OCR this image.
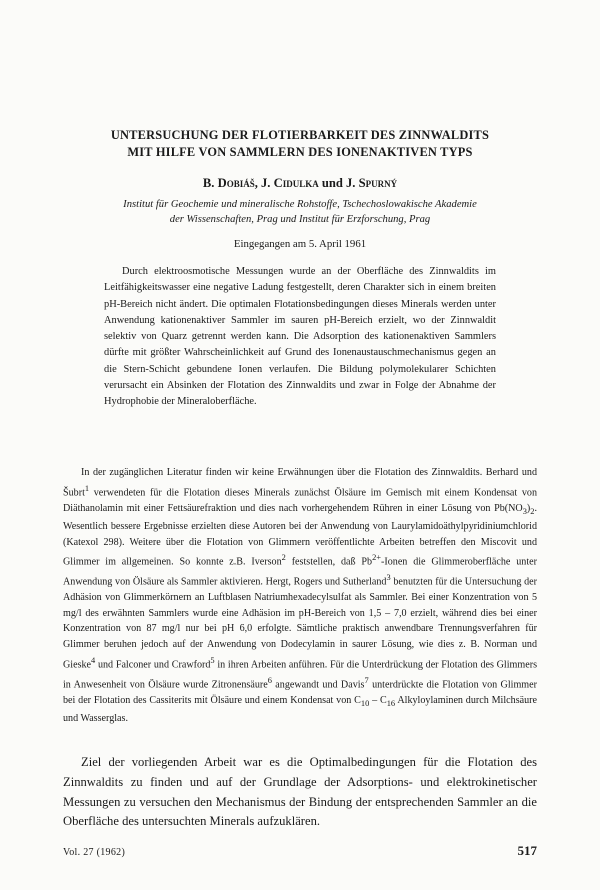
UNTERSUCHUNG DER FLOTIERBARKEIT DES ZINNWALDITS
MIT HILFE VON SAMMLERN DES IONENAKTIVEN TYPS

B. Dobiáš, J. Cidulka und J. Spurný

Institut für Geochemie und mineralische Rohstoffe, Tschechoslowakische Akademie
der Wissenschaften, Prag und Institut für Erzforschung, Prag
Eingegangen am 5. April 1961

Durch elektroosmotische Messungen wurde an der Oberfläche des Zinnwaldits im Leitfähigkeitswasser eine negative Ladung festgestellt, deren Charakter sich in einem breiten pH-Bereich nicht ändert. Die optimalen Flotationsbedingungen dieses Minerals werden unter Anwendung kationenaktiver Sammler im sauren pH-Bereich erzielt, wo der Zinnwaldit selektiv von Quarz getrennt werden kann. Die Adsorption des kationenaktiven Sammlers dürfte mit größter Wahrscheinlichkeit auf Grund des Ionenaustauschmechanismus gegen an die Stern-Schicht gebundene Ionen verlaufen. Die Bildung polymolekularer Schichten verursacht ein Absinken der Flotation des Zinnwaldits und zwar in Folge der Abnahme der Hydrophobie der Mineraloberfläche.

In der zugänglichen Literatur finden wir keine Erwähnungen über die Flotation des Zinnwaldits. Berhard und Šubrt$^1$ verwendeten für die Flotation dieses Minerals zunächst Ölsäure im Gemisch mit einem Kondensat von Diäthanolamin mit einer Fettsäurefraktion und dies nach vorhergehendem Rühren in einer Lösung von $Pb(NO_3)_2$. Wesentlich bessere Ergebnisse erzielten diese Autoren bei der Anwendung von Laurylamidoäthylpyridiniumchlorid (Katexol 298). Weitere über die Flotation von Glimmern veröffentlichte Arbeiten betreffen den Miscovit und Glimmer im allgemeinen. So konnte z.B. Iverson$^2$ feststellen, daß $Pb^{2+}$-Ionen die Glimmeroberfläche unter Anwendung von Ölsäure als Sammler aktivieren. Hergt, Rogers und Sutherland$^3$ benutzten für die Untersuchung der Adhäsion von Glimmerkörnern an Luftblasen Natriumhexadecylsulfat als Sammler. Bei einer Konzentration von 5 mg/l des erwähnten Sammlers wurde eine Adhäsion im pH-Bereich von 1,5 – 7,0 erzielt, während dies bei einer Konzentration von 87 mg/l nur bei pH 6,0 erfolgte. Sämtliche praktisch anwendbare Trennungsverfahren für Glimmer beruhen jedoch auf der Anwendung von Dodecylamin in saurer Lösung, wie dies z. B. Norman und Gieske$^4$ und Falconer und Crawford$^5$ in ihren Arbeiten anführen. Für die Unterdrückung der Flotation des Glimmers in Anwesenheit von Ölsäure wurde Zitronensäure$^6$ angewandt und Davis$^7$ unterdrückte die Flotation von Glimmer bei der Flotation des Cassiterits mit Ölsäure und einem Kondensat von $C_{10} - C_{16}$ Alkyloylaminen durch Milchsäure und Wasserglas.

Ziel der vorliegenden Arbeit war es die Optimalbedingungen für die Flotation des Zinnwaldits zu finden und auf der Grundlage der Adsorptions- und elektrokinetischer Messungen zu versuchen den Mechanismus der Bindung der entsprechenden Sammler an die Oberfläche des untersuchten Minerals aufzuklären.

Vol. 27 (1962)	517
